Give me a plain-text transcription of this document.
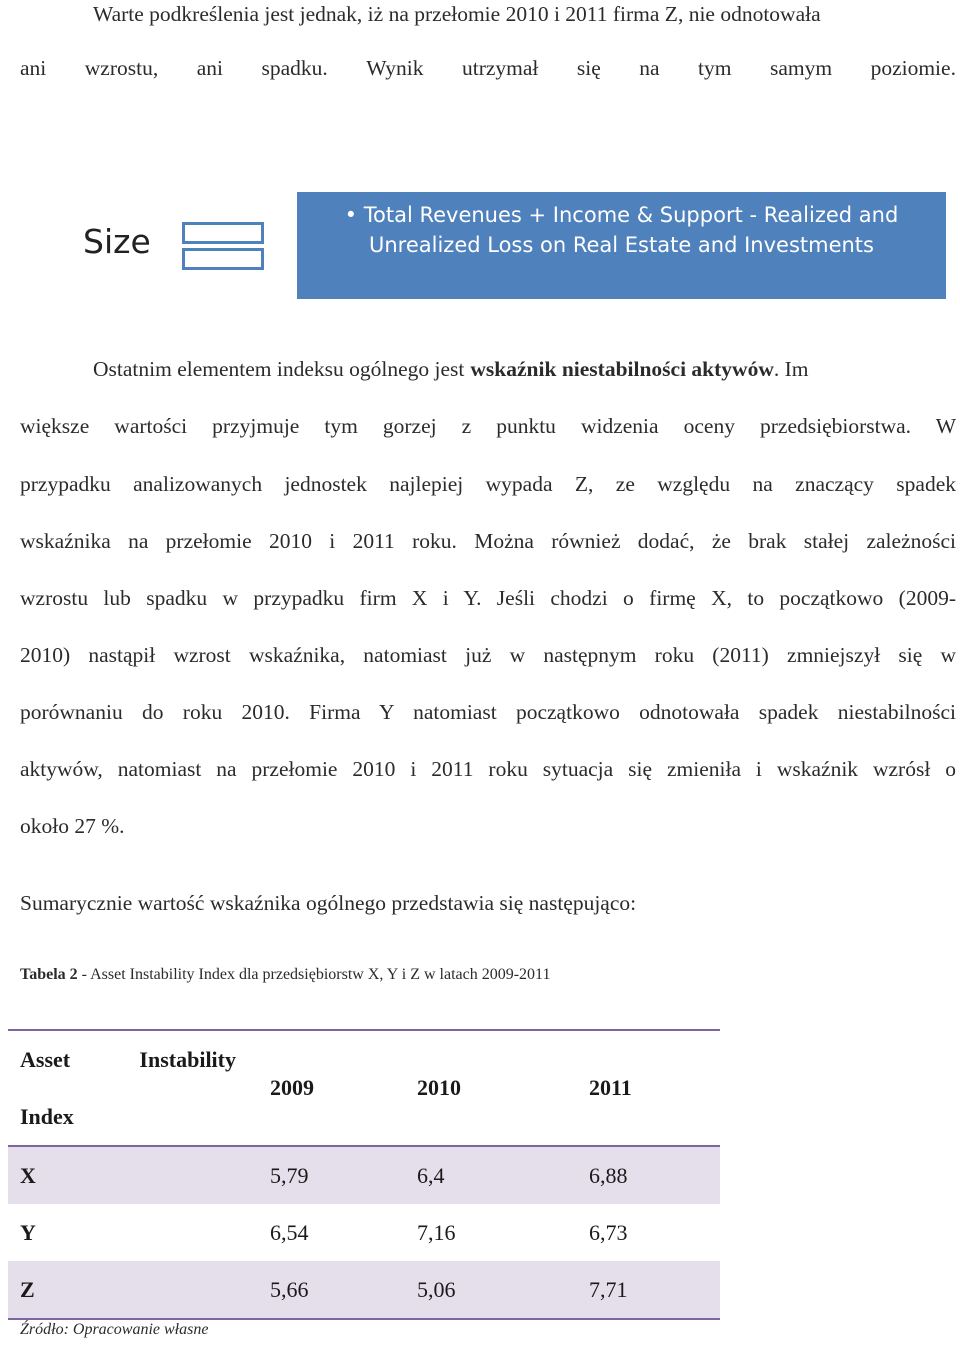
Warte podkreślenia jest jednak, iż na przełomie 2010 i 2011 firma Z, nie odnotowała
ani wzrostu, ani spadku. Wynik utrzymał się na tym samym poziomie.
Size
• Total Revenues + Income & Support - Realized and Unrealized Loss on Real Estate and Investments
Ostatnim elementem indeksu ogólnego jestwskaźnik niestabilności aktywów. Im
większe wartości przyjmuje tym gorzej z punktu widzenia oceny przedsiębiorstwa. W
przypadku analizowanych jednostek najlepiej wypada Z, ze względu na znaczący spadek
wskaźnika na przełomie 2010 i 2011 roku. Można również dodać, że brak stałej zależności
wzrostu lub spadku w przypadku firm X i Y. Jeśli chodzi o firmę X, to początkowo (2009-
2010) nastąpił wzrost wskaźnika, natomiast już w następnym roku (2011) zmniejszył się w
porównaniu do roku 2010. Firma Y natomiast początkowo odnotowała spadek niestabilności
aktywów, natomiast na przełomie 2010 i 2011 roku sytuacja się zmieniła i wskaźnik wzrósł o
około 27 %.
Sumarycznie wartość wskaźnika ogólnego przedstawia się następująco:
Tabela 2 - Asset Instability Index dla przedsiębiorstw X, Y i Z w latach 2009-2011
Asset Instability
Index	2009	2010	2011
X	5,79	6,4	6,88
Y	6,54	7,16	6,73
Z	5,66	5,06	7,71
Źródło: Opracowanie własne
